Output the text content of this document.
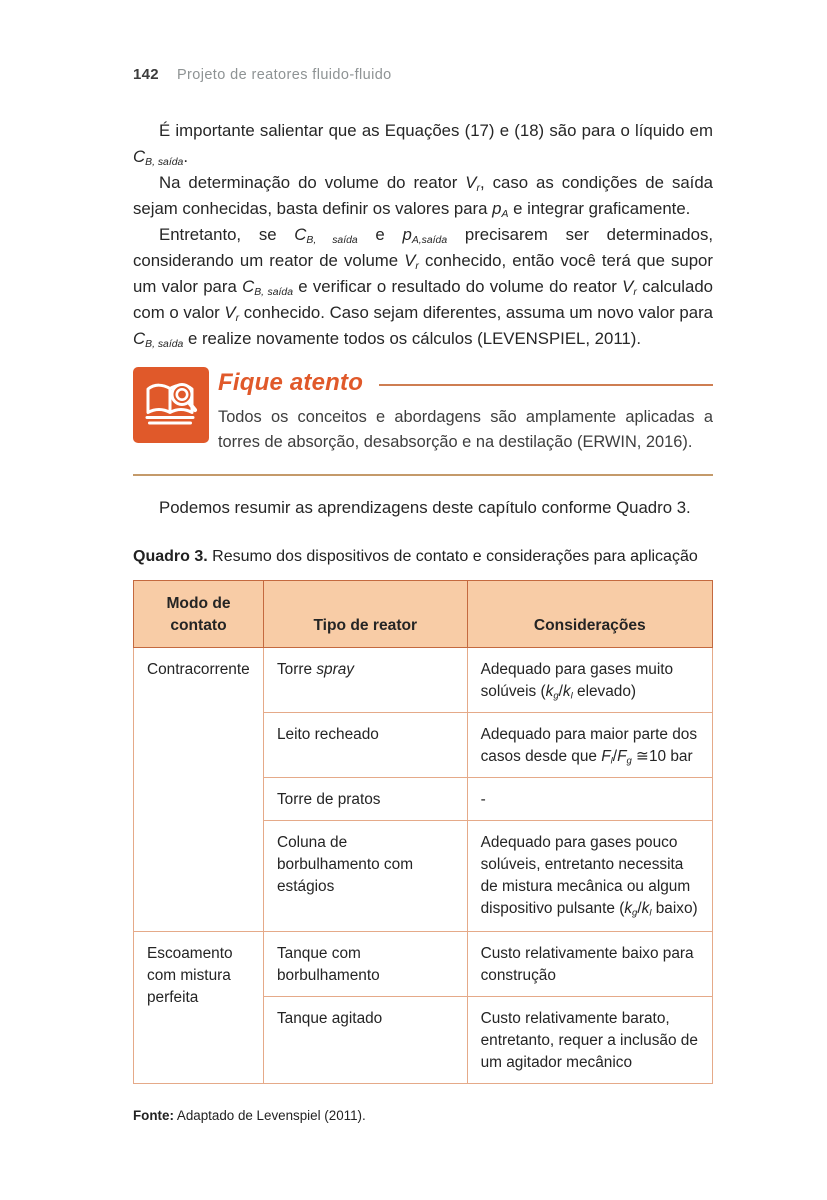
142 Projeto de reatores fluido-fluido

É importante salientar que as Equações (17) e (18) são para o líquido em $C_{B, saída}$.

Na determinação do volume do reator $V_r$, caso as condições de saída sejam conhecidas, basta definir os valores para $p_A$ e integrar graficamente.

Entretanto, se $C_{B, saída}$ e $p_{A,saída}$ precisarem ser determinados, considerando um reator de volume $V_r$ conhecido, então você terá que supor um valor para $C_{B, saída}$ e verificar o resultado do volume do reator $V_r$ calculado com o valor $V_r$ conhecido. Caso sejam diferentes, assuma um novo valor para $C_{B, saída}$ e realize novamente todos os cálculos (LEVENSPIEL, 2011).

Fique atento
Todos os conceitos e abordagens são amplamente aplicadas a torres de absorção, desabsorção e na destilação (ERWIN, 2016).

Podemos resumir as aprendizagens deste capítulo conforme Quadro 3.

Quadro 3. Resumo dos dispositivos de contato e considerações para aplicação

Modo de contato	Tipo de reator	Considerações
Contracorrente	Torre spray	Adequado para gases muito solúveis ($k_g/k_l$ elevado)
	Leito recheado	Adequado para maior parte dos casos desde que $F_l/F_g$ ≅10 bar
	Torre de pratos	-
	Coluna de borbulhamento com estágios	Adequado para gases pouco solúveis, entretanto necessita de mistura mecânica ou algum dispositivo pulsante ($k_g/k_l$ baixo)
Escoamento com mistura perfeita	Tanque com borbulhamento	Custo relativamente baixo para construção
	Tanque agitado	Custo relativamente barato, entretanto, requer a inclusão de um agitador mecânico

Fonte: Adaptado de Levenspiel (2011).
